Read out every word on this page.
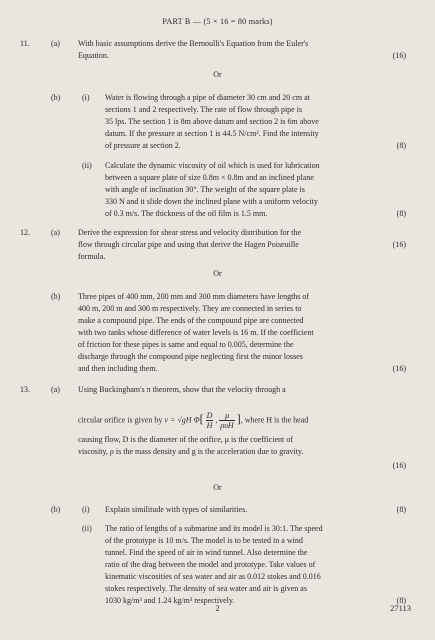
PART B — (5 × 16 = 80 marks)
11.	(a) With basic assumptions derive the Bernoulli's Equation from the Euler's
Equation.	(16)
Or
(b)	(i) Water is flowing through a pipe of diameter 30 cm and 20 cm at
sections 1 and 2 respectively. The rate of flow through pipe is
35 lps. The section 1 is 8m above datum and section 2 is 6m above
datum. If the pressure at section 1 is 44.5 N/cm². Find the intensity
of pressure at section 2.	(8)
(ii) Calculate the dynamic viscosity of oil which is used for lubrication
between a square plate of size 0.8m × 0.8m and an inclined plane
with angle of inclination 30°. The weight of the square plate is
330 N and it slide down the inclined plane with a uniform velocity
of 0.3 m/s. The thickness of the oil film is 1.5 mm.	(8)
12.	(a) Derive the expression for shear stress and velocity distribution for the
flow through circular pipe and using that derive the Hagen Poiseuille
formula.
(16)
Or
(b) Three pipes of 400 mm, 200 mm and 300 mm diameters have lengths of
400 m, 200 m and 300 m respectively. They are connected in series to
make a compound pipe. The ends of the compound pipe are connected
with two tanks whose difference of water levels is 16 m. If the coefficient
of friction for these pipes is same and equal to 0.005, determine the
discharge through the compound pipe neglecting first the minor losses
and then including them.	(16)
13.	(a) Using Buckingham's π theorem, show that the velocity through a
circular orifice is given by v = √gH $\Phi[ \frac{D}{H}$ , $\frac{\mu}{\text{ρυH}}$ ], where H is the head
causing flow, D is the diameter of the orifice, μ is the coefficient of
viscosity, ρ is the mass density and g is the acceleration due to gravity.
(16)
Or
(b)	(i) Explain similitude with types of similarities.	(8)
(ii) The ratio of lengths of a submarine and its model is 30:1. The speed
of the prototype is 10 m/s. The model is to be tested in a wind
tunnel. Find the speed of air in wind tunnel. Also determine the
ratio of the drag between the model and prototype. Take values of
kinematic viscosities of sea water and air as 0.012 stokes and 0.016
stokes respectively. The density of sea water and air is given as
1030 kg/m³ and 1.24 kg/m³ respectively.	(8)
2	27113
